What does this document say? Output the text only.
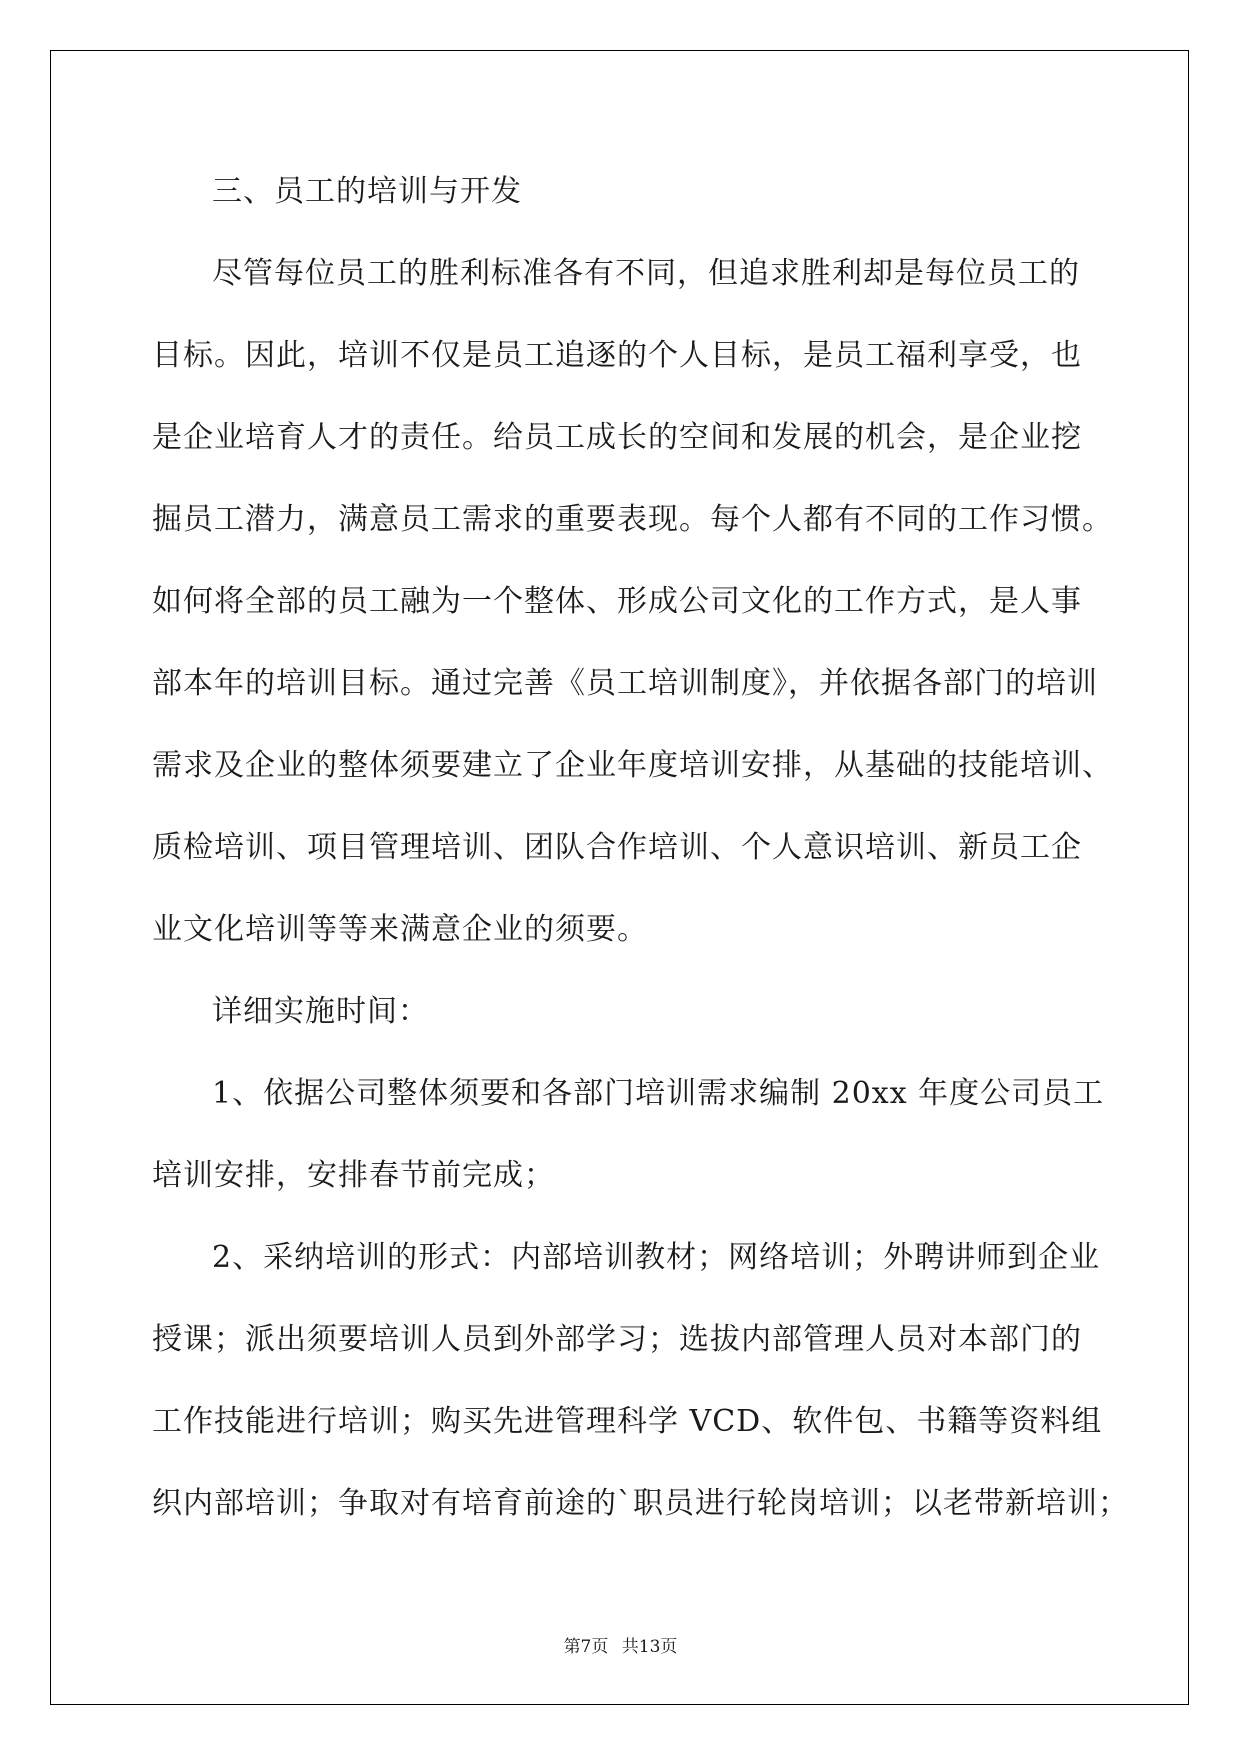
三、员工的培训与开发
尽管每位员工的胜利标准各有不同，但追求胜利却是每位员工的
目标。因此，培训不仅是员工追逐的个人目标，是员工福利享受，也
是企业培育人才的责任。给员工成长的空间和发展的机会，是企业挖
掘员工潜力，满意员工需求的重要表现。每个人都有不同的工作习惯。
如何将全部的员工融为一个整体、形成公司文化的工作方式，是人事
部本年的培训目标。通过完善《员工培训制度》，并依据各部门的培训
需求及企业的整体须要建立了企业年度培训安排，从基础的技能培训、
质检培训、项目管理培训、团队合作培训、个人意识培训、新员工企
业文化培训等等来满意企业的须要。
详细实施时间：
1、依据公司整体须要和各部门培训需求编制 20xx 年度公司员工
培训安排，安排春节前完成；
2、采纳培训的形式：内部培训教材；网络培训；外聘讲师到企业
授课；派出须要培训人员到外部学习；选拔内部管理人员对本部门的
工作技能进行培训；购买先进管理科学 VCD、软件包、书籍等资料组
织内部培训；争取对有培育前途的`职员进行轮岗培训；以老带新培训；
第7页 共13页
